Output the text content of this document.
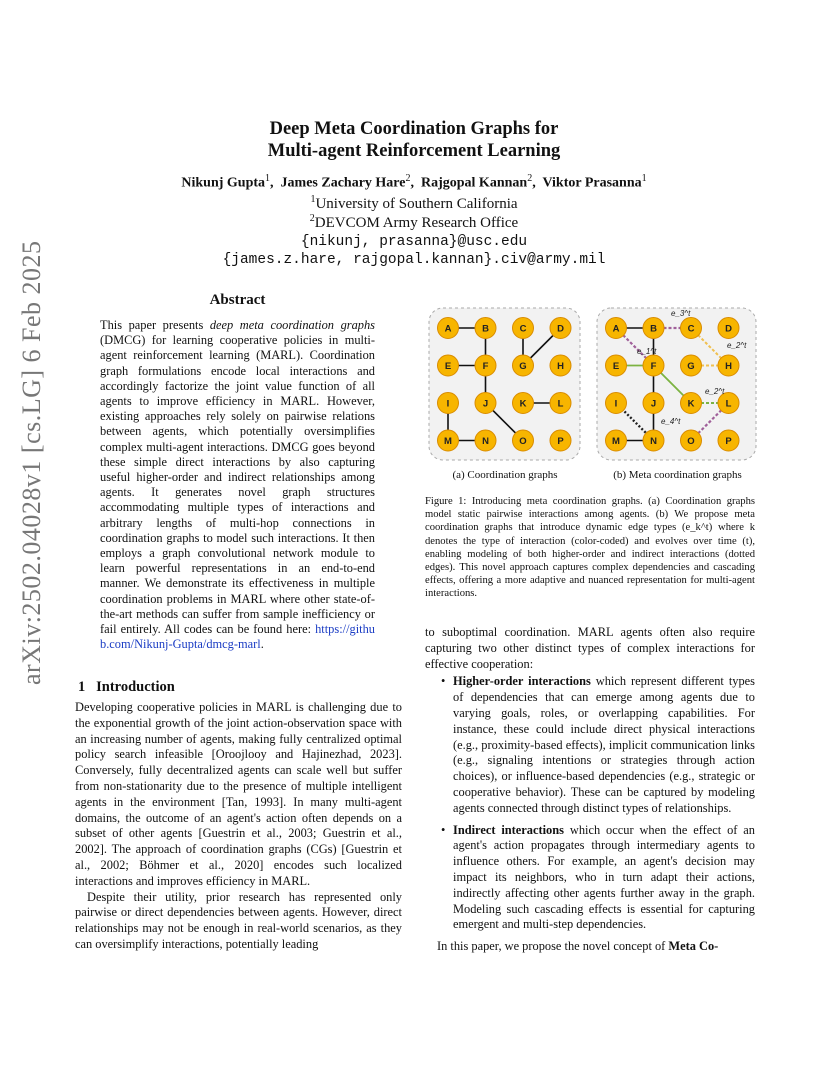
arXiv:2502.04028v1 [cs.LG] 6 Feb 2025
Deep Meta Coordination Graphs for
Multi-agent Reinforcement Learning
Nikunj Gupta$^1$,  James Zachary Hare$^2$,  Rajgopal Kannan$^2$,  Viktor Prasanna$^1$
$^1$University of Southern California
$^2$DEVCOM Army Research Office
{nikunj, prasanna}@usc.edu
{james.z.hare, rajgopal.kannan}.civ@army.mil
Abstract
This paper presents deep meta coordination graphs (DMCG) for learning cooperative policies in multi-agent reinforcement learning (MARL). Coordination graph formulations encode local interactions and accordingly factorize the joint value function of all agents to improve efficiency in MARL. However, existing approaches rely solely on pairwise relations between agents, which potentially oversimplifies complex multi-agent interactions. DMCG goes beyond these simple direct interactions by also capturing useful higher-order and indirect relationships among agents. It generates novel graph structures accommodating multiple types of interactions and arbitrary lengths of multi-hop connections in coordination graphs to model such interactions. It then employs a graph convolutional network module to learn powerful representations in an end-to-end manner. We demonstrate its effectiveness in multiple coordination problems in MARL where other state-of-the-art methods can suffer from sample inefficiency or fail entirely. All codes can be found here: https://github.com/Nikunj-Gupta/dmcg-marl.
1   Introduction

Developing cooperative policies in MARL is challenging due to the exponential growth of the joint action-observation space with an increasing number of agents, making fully centralized optimal policy search infeasible [Oroojlooy and Hajinezhad, 2023]. Conversely, fully decentralized agents can scale well but suffer from non-stationarity due to the presence of multiple intelligent agents in the environment [Tan, 1993]. In many multi-agent domains, the outcome of an agent's action often depends on a subset of other agents [Guestrin et al., 2003; Guestrin et al., 2002]. The approach of coordination graphs (CGs) [Guestrin et al., 2002; Böhmer et al., 2020] encodes such localized interactions and improves efficiency in MARL.

Despite their utility, prior research has represented only pairwise or direct dependencies between agents. However, direct relationships may not be enough in real-world scenarios, as they can oversimplify interactions, potentially leading

A	B	C	D
E	F	G	H
I	J	K	L
M	N	O	P
A	B	C	D
E	F	G	H
I	J	K	L
M	N	O	P
e_3^t
e_2^t
e_1^t
e_2^t
e_4^t
(a) Coordination graphs	(b) Meta coordination graphs
Figure 1: Introducing meta coordination graphs. (a) Coordination graphs model static pairwise interactions among agents. (b) We propose meta coordination graphs that introduce dynamic edge types (e_k^t) where k denotes the type of interaction (color-coded) and evolves over time (t), enabling modeling of both higher-order and indirect interactions (dotted edges). This novel approach captures complex dependencies and cascading effects, offering a more adaptive and nuanced representation for multi-agent interactions.

to suboptimal coordination. MARL agents often also require capturing two other distinct types of complex interactions for effective cooperation:

• Higher-order interactions which represent different types of dependencies that can emerge among agents due to varying goals, roles, or overlapping capabilities. For instance, these could include direct physical interactions (e.g., proximity-based effects), implicit communication links (e.g., signaling intentions or strategies through action choices), or influence-based dependencies (e.g., strategic or cooperative behavior). These can be captured by modeling agents connected through distinct types of relationships.
• Indirect interactions which occur when the effect of an agent's action propagates through intermediary agents to influence others. For example, an agent's decision may impact its neighbors, who in turn adapt their actions, indirectly affecting other agents further away in the graph. Modeling such cascading effects is essential for capturing emergent and multi-step dependencies.

In this paper, we propose the novel concept of Meta Co-
